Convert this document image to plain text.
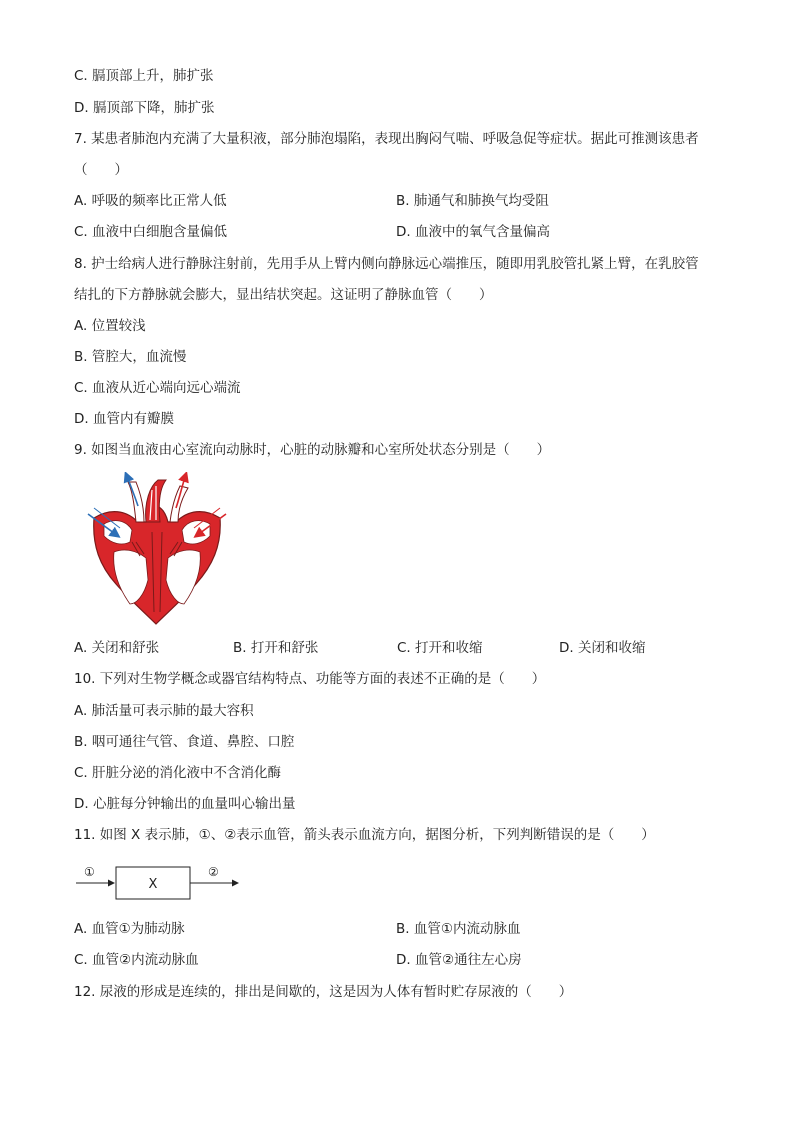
C. 膈顶部上升，肺扩张
D. 膈顶部下降，肺扩张
7. 某患者肺泡内充满了大量积液，部分肺泡塌陷，表现出胸闷气喘、呼吸急促等症状。据此可推测该患者
（　　）
A. 呼吸的频率比正常人低	B. 肺通气和肺换气均受阻
C. 血液中白细胞含量偏低	D. 血液中的氧气含量偏高
8. 护士给病人进行静脉注射前，先用手从上臂内侧向静脉远心端推压，随即用乳胶管扎紧上臂，在乳胶管
结扎的下方静脉就会膨大，显出结状突起。这证明了静脉血管（　　）
A. 位置较浅
B. 管腔大，血流慢
C. 血液从近心端向远心端流
D. 血管内有瓣膜
9. 如图当血液由心室流向动脉时，心脏的动脉瓣和心室所处状态分别是（　　）
A. 关闭和舒张	B. 打开和舒张	C. 打开和收缩	D. 关闭和收缩
10. 下列对生物学概念或器官结构特点、功能等方面的表述不正确的是（　　）
A. 肺活量可表示肺的最大容积
B. 咽可通往气管、食道、鼻腔、口腔
C. 肝脏分泌的消化液中不含消化酶
D. 心脏每分钟输出的血量叫心输出量
11. 如图 X 表示肺，①、②表示血管，箭头表示血流方向，据图分析，下列判断错误的是（　　）
①
X
②
A. 血管①为肺动脉	B. 血管①内流动脉血
C. 血管②内流动脉血	D. 血管②通往左心房
12. 尿液的形成是连续的，排出是间歇的，这是因为人体有暂时贮存尿液的（　　）
